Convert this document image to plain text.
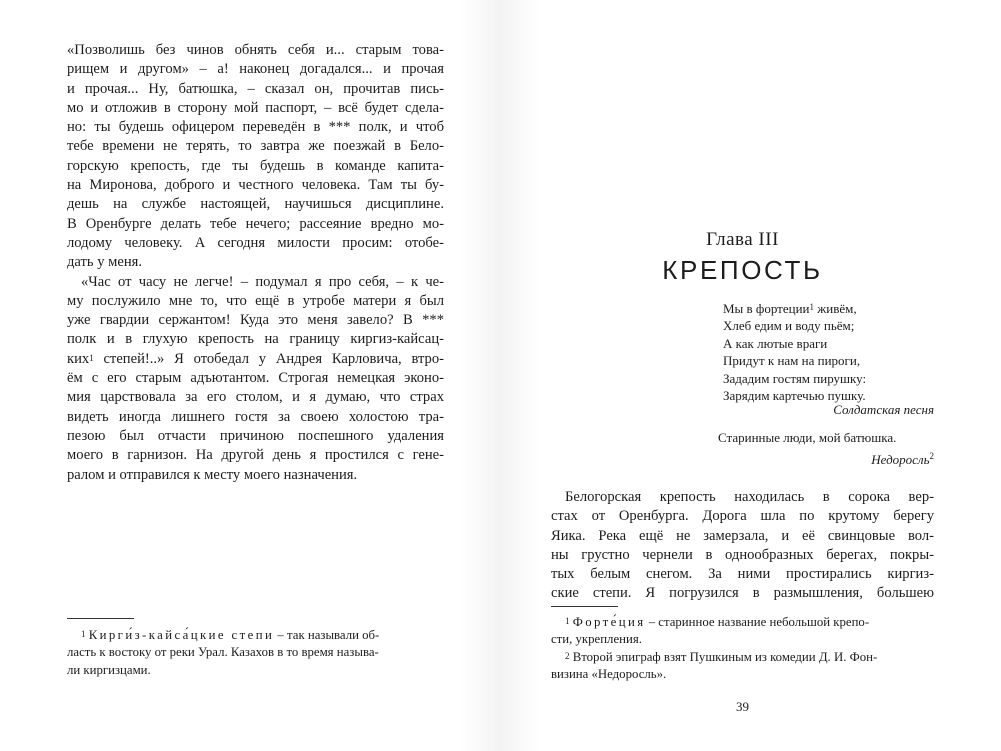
«Позволишь без чинов обнять себя и... старым това-
рищем и другом» – а! наконец догадался... и прочая
и прочая... Ну, батюшка, – сказал он, прочитав пись-
мо и отложив в сторону мой паспорт, – всё будет сдела-
но: ты будешь офицером переведён в *** полк, и чтоб
тебе времени не терять, то завтра же поезжай в Бело-
горскую крепость, где ты будешь в команде капита-
на Миронова, доброго и честного человека. Там ты бу-
дешь на службе настоящей, научишься дисциплине.
В Оренбурге делать тебе нечего; рассеяние вредно мо-
лодому человеку. А сегодня милости просим: отобе-
дать у меня.
«Час от часу не легче! – подумал я про себя, – к че-
му послужило мне то, что ещё в утробе матери я был
уже гвардии сержантом! Куда это меня завело? В ***
полк и в глухую крепость на границу киргиз-кайсац-
ких$^1$ степей!..» Я отобедал у Андрея Карловича, втро-
ём с его старым адъютантом. Строгая немецкая эконо-
мия царствовала за его столом, и я думаю, что страх
видеть иногда лишнего гостя за своею холостою тра-
пезою был отчасти причиною поспешного удаления
моего в гарнизон. На другой день я простился с гене-
ралом и отправился к месту моего назначения.
$^1$ Кирги́з-кайса́цкие степи – так называли об-
ласть к востоку от реки Урал. Казахов в то время называ-
ли киргизцами.
Глава III
КРЕПОСТЬ
Мы в фортеции$^1$ живём,
Хлеб едим и воду пьём;
А как лютые враги
Придут к нам на пироги,
Зададим гостям пирушку:
Зарядим картечью пушку.
Солдатская песня
Старинные люди, мой батюшка.
Недоросль$^2$
Белогорская крепость находилась в сорока вер-
стах от Оренбурга. Дорога шла по крутому берегу
Яика. Река ещё не замерзала, и её свинцовые вол-
ны грустно чернели в однообразных берегах, покры-
тых белым снегом. За ними простирались киргиз-
ские степи. Я погрузился в размышления, большею
$^1$ Форте́ция – старинное название небольшой крепо-
сти, укрепления.
$^2$ Второй эпиграф взят Пушкиным из комедии Д. И. Фон-
визина «Недоросль».
39
